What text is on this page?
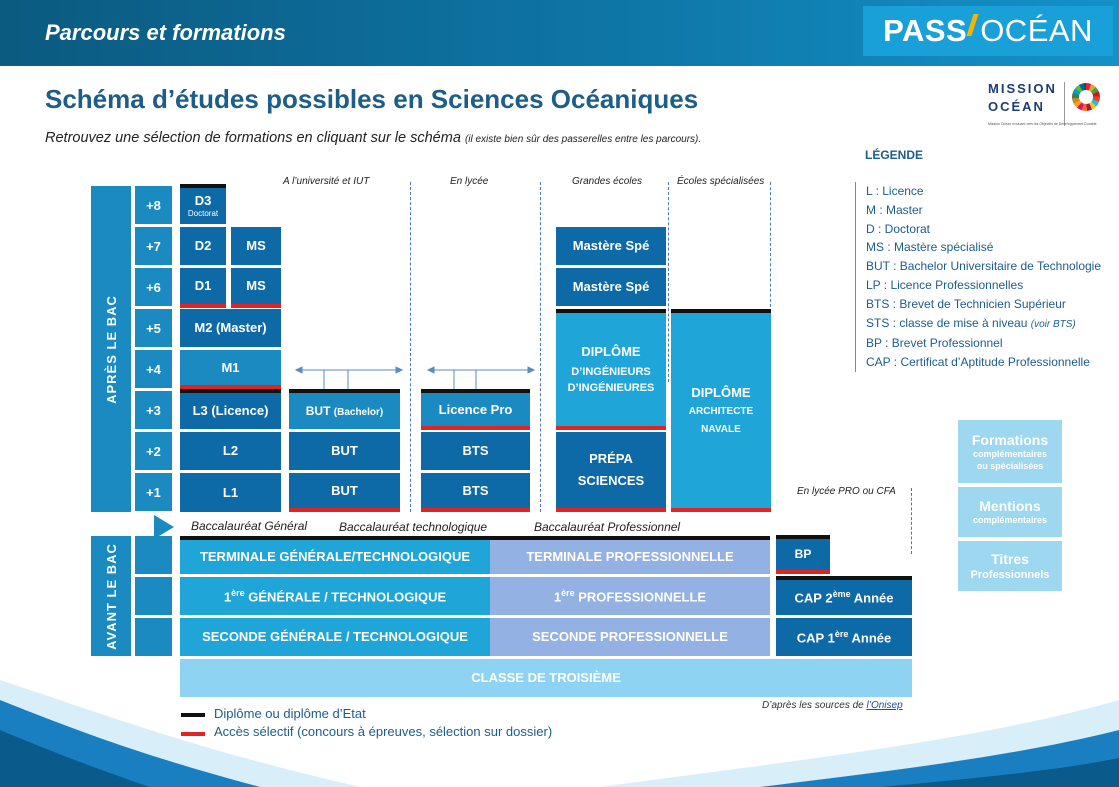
Parcours et formations	PASS OCÉAN
Schéma d’études possibles en Sciences Océaniques
Retrouvez une sélection de formations en cliquant sur le schéma (il existe bien sûr des passerelles entre les parcours).
MISSION
OCÉAN
Mission Océan évoluant vers les Objectifs de Développement Durable
LÉGENDE
L : Licence
M : Master
D : Doctorat
MS : Mastère spécialisé
BUT : Bachelor Universitaire de Technologie
LP : Licence Professionnelles
BTS : Brevet de Technicien Supérieur
STS : classe de mise à niveau (voir BTS)
BP : Brevet Professionnel
CAP : Certificat d’Aptitude Professionnelle
APRÈS LE BAC
AVANT LE BAC
+8
+7
+6
+5
+4
+3
+2
+1
A l’université et IUT	En lycée	Grandes écoles	Écoles spécialisées
En lycée PRO ou CFA
D3
Doctorat
D2	MS
D1	MS
M2 (Master)
M1
L3 (Licence)
L2
L1
BUT (Bachelor)
BUT
BUT
Licence Pro
BTS
BTS
Mastère Spé
Mastère Spé
DIPLÔME
D’INGÉNIEURS
D’INGÉNIEURES
PRÉPA
SCIENCES
DIPLÔME
ARCHITECTE
NAVALE
Baccalauréat Général	Baccalauréat technologique	Baccalauréat Professionnel
TERMINALE GÉNÉRALE/TECHNOLOGIQUE	TERMINALE PROFESSIONNELLE
1ère GÉNÉRALE / TECHNOLOGIQUE	1ère PROFESSIONNELLE
SECONDE GÉNÉRALE / TECHNOLOGIQUE	SECONDE PROFESSIONNELLE
BP
CAP 2ème Année
CAP 1ère Année
CLASSE DE TROISIÈME
Formations
complémentaires
ou spécialisées
Mentions
complémentaires
Titres
Professionnels
D’après les sources de l’Onisep
Diplôme ou diplôme d’Etat
Accès sélectif (concours à épreuves, sélection sur dossier)
